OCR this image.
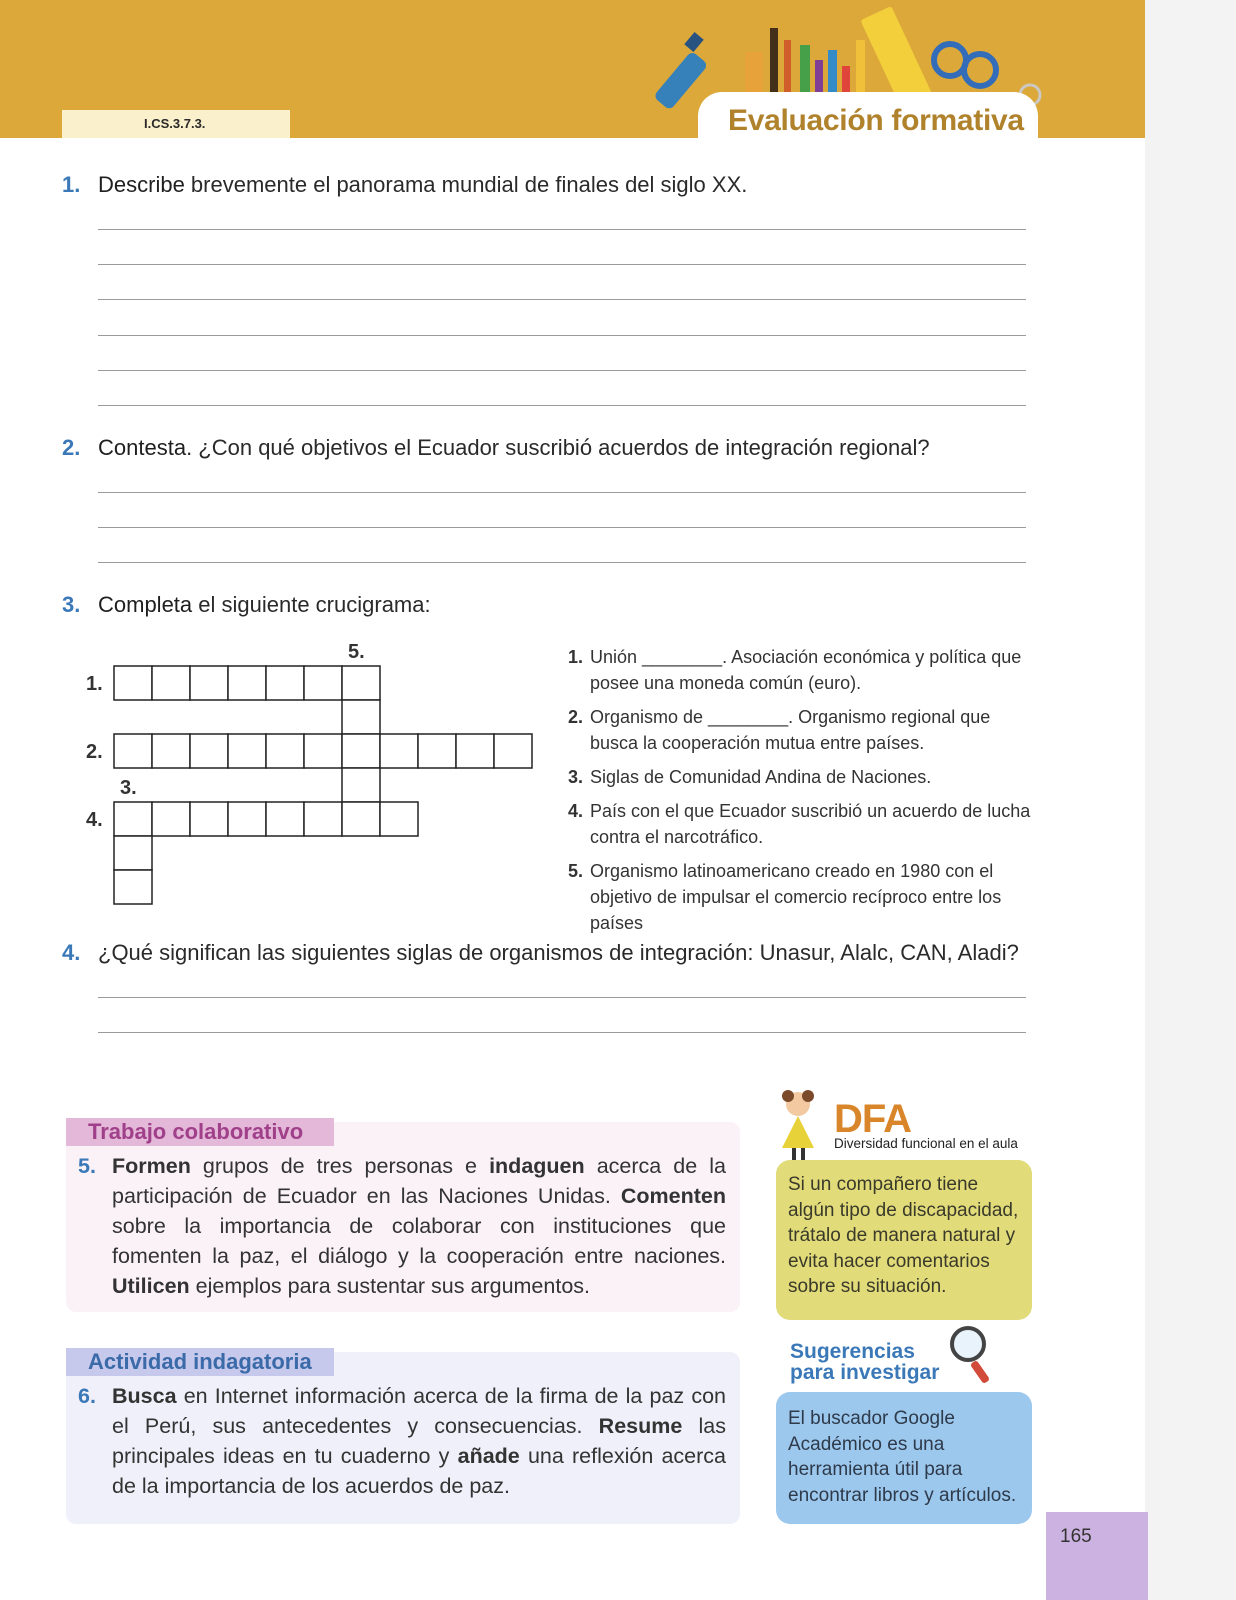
I.CS.3.7.3.	Evaluación formativa
1. Describe brevemente el panorama mundial de finales del siglo XX.
2. Contesta. ¿Con qué objetivos el Ecuador suscribió acuerdos de integración regional?
3. Completa el siguiente crucigrama:
1.
2.
3.
4.
5.	1. Unión ________. Asociación económica y política que posee una moneda común (euro).
2. Organismo de ________. Organismo regional que busca la cooperación mutua entre países.
3. Siglas de Comunidad Andina de Naciones.
4. País con el que Ecuador suscribió un acuerdo de lucha contra el narcotráfico.
5. Organismo latinoamericano creado en 1980 con el objetivo de impulsar el comercio recíproco entre los países
4. ¿Qué significan las siguientes siglas de organismos de integración: Unasur, Alalc, CAN, Aladi?
Trabajo colaborativo
5. Formen grupos de tres personas e indaguen acerca de la participación de Ecuador en las Naciones Unidas. Comenten sobre la importancia de colaborar con instituciones que fomenten la paz, el diálogo y la cooperación entre naciones. Utilicen ejemplos para sustentar sus argumentos.
Actividad indagatoria
6. Busca en Internet información acerca de la firma de la paz con el Perú, sus antecedentes y consecuencias. Resume las principales ideas en tu cuaderno y añade una reflexión acerca de la importancia de los acuerdos de paz.
DFA
Diversidad funcional en el aula
Si un compañero tiene algún tipo de discapacidad, trátalo de manera natural y evita hacer comentarios sobre su situación.
Sugerencias
para investigar
El buscador Google Académico es una herramienta útil para encontrar libros y artículos.
165
